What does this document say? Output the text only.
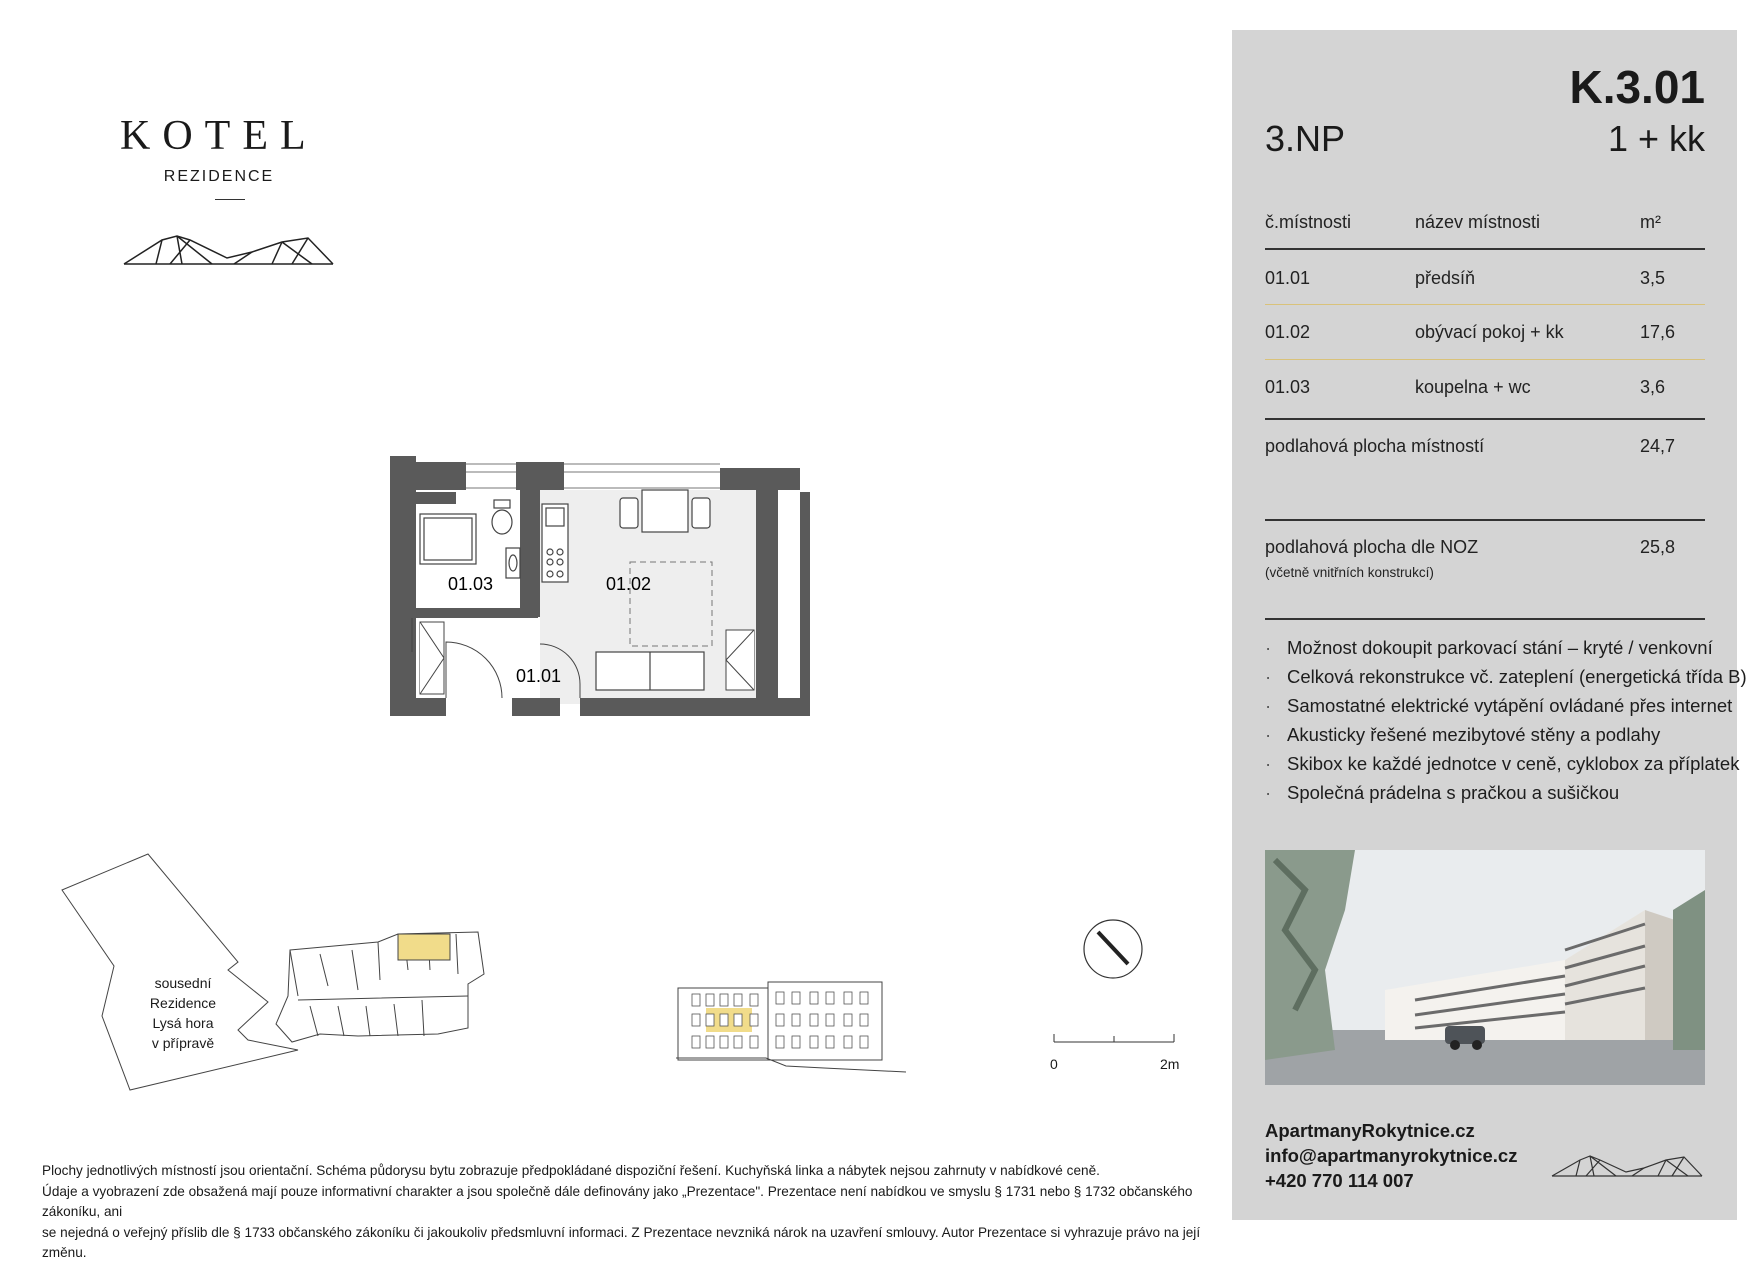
KOTEL
REZIDENCE
01.03	01.02
01.01
sousední
Rezidence
Lysá hora
v přípravě
0	2m
Plochy jednotlivých místností jsou orientační. Schéma půdorysu bytu zobrazuje předpokládané dispoziční řešení. Kuchyňská linka a nábytek nejsou zahrnuty v nabídkové ceně.
Údaje a vyobrazení zde obsažená mají pouze informativní charakter a jsou společně dále definovány jako „Prezentace". Prezentace není nabídkou ve smyslu § 1731 nebo § 1732 občanského zákoníku, ani
se nejedná o veřejný příslib dle § 1733 občanského zákoníku či jakoukoliv předsmluvní informaci. Z Prezentace nevzniká nárok na uzavření smlouvy. Autor Prezentace si vyhrazuje právo na její změnu.
K.3.01
3.NP	1 + kk
č.místnosti	název místnosti	m²
01.01	předsíň	3,5
01.02	obývací pokoj + kk	17,6
01.03	koupelna + wc	3,6
podlahová plocha místností	24,7
podlahová plocha dle NOZ	25,8
(včetně vnitřních konstrukcí)
· Možnost dokoupit parkovací stání – kryté / venkovní
· Celková rekonstrukce vč. zateplení (energetická třída B)
· Samostatné elektrické vytápění ovládané přes internet
· Akusticky řešené mezibytové stěny a podlahy
· Skibox ke každé jednotce v ceně, cyklobox za příplatek
· Společná prádelna s pračkou a sušičkou
ApartmanyRokytnice.cz
info@apartmanyrokytnice.cz
+420 770 114 007
